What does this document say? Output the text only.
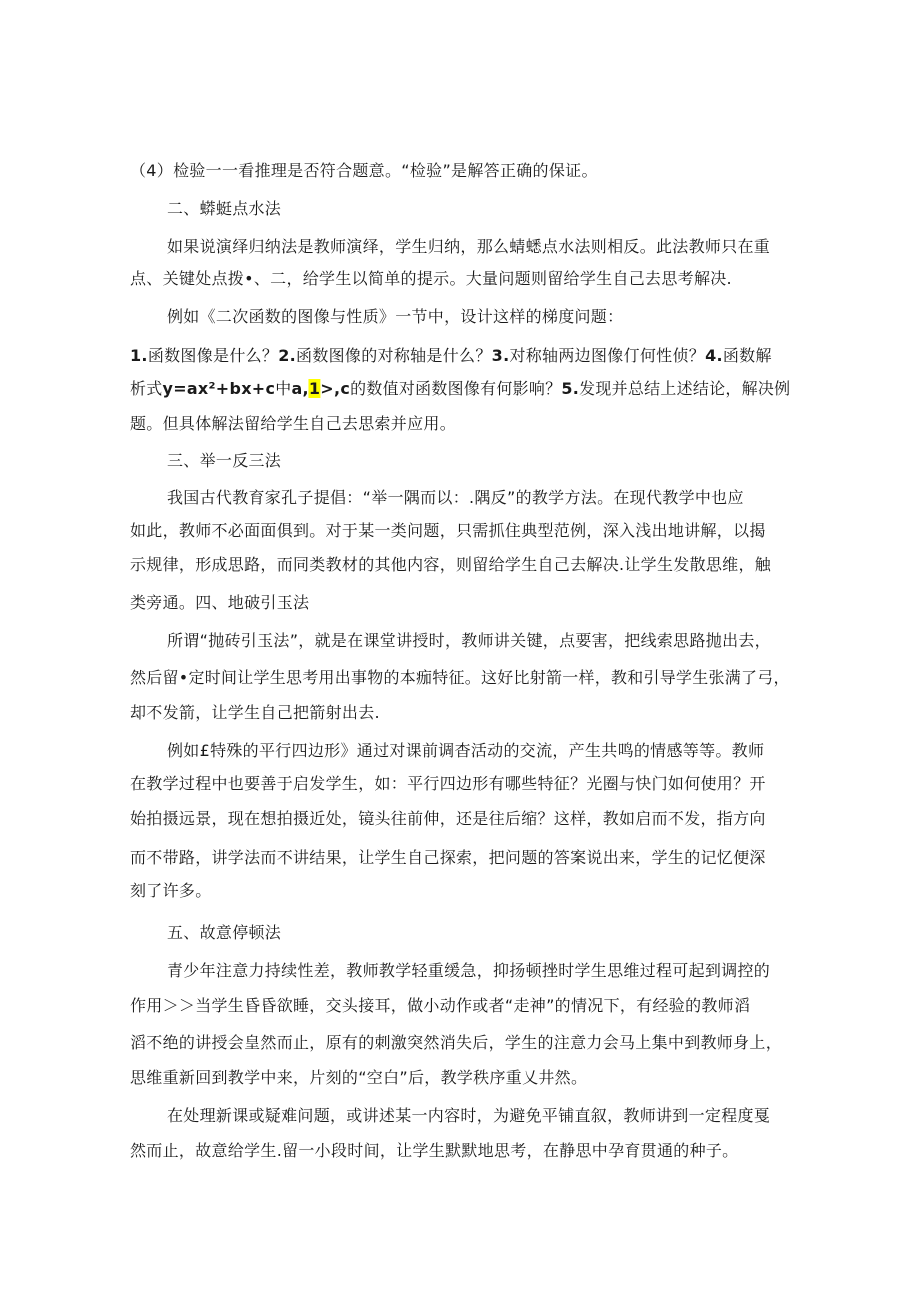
（4）检验一一看推理是否符合题意。“检验”是解答正确的保证。
二、蟒蜓点水法
如果说演绎归纳法是教师演绎，学生归纳，那么蜻蟋点水法则相反。此法教师只在重
点、关键处点拨•、二，给学生以简单的提示。大量问题则留给学生自己去思考解决.
例如《二次函数的图像与性质》一节中，设计这样的梯度问题：
1.函数图像是什么？2.函数图像的对称轴是什么？3.对称轴两边图像仃何性侦？4.函数解
析式y=ax²+bx+c中a,1>,c的数值对函数图像有何影响？5.发现并总结上述结论，解决例
题。但具体解法留给学生自己去思索并应用。
三、举一反三法
我国古代教育家孔子提倡：“举一隅而以：.隅反”的教学方法。在现代教学中也应
如此，教师不必面面俱到。对于某一类问题，只需抓住典型范例，深入浅出地讲解，以揭
示规律，形成思路，而同类教材的其他内容，则留给学生自己去解决.让学生发散思维，触
类旁通。四、地破引玉法
所谓“抛砖引玉法”，就是在课堂讲授时，教师讲关键，点要害，把线索思路抛出去，
然后留•定时间让学生思考用出事物的本痂特征。这好比射箭一样，教和引导学生张满了弓，
却不发箭，让学生自己把箭射出去.
例如£特殊的平行四边形》通过对课前调杳活动的交流，产生共鸣的情感等等。教师
在教学过程中也要善于启发学生，如：平行四边形有哪些特征？光圈与快门如何使用？开
始拍摄远景，现在想拍摄近处，镜头往前伸，还是往后缩？这样，教如启而不发，指方向
而不带路，讲学法而不讲结果，让学生自己探索，把问题的答案说出来，学生的记忆便深
刻了许多。
五、故意停顿法
青少年注意力持续性差，教师教学轻重缓急，抑扬顿挫时学生思维过程可起到调控的
作用＞＞当学生昏昏欲睡，交头接耳，做小动作或者“走神”的情况下，有经验的教师滔
滔不绝的讲授会皇然而止，原有的刺激突然消失后，学生的注意力会马上集中到教师身上，
思维重新回到教学中来，片刻的“空白”后，教学秩序重乂井然。
在处理新课或疑难问题，或讲述某一内容时，为避免平铺直叙，教师讲到一定程度戛
然而止，故意给学生.留一小段时间，让学生默默地思考，在静思中孕育贯通的种子。
